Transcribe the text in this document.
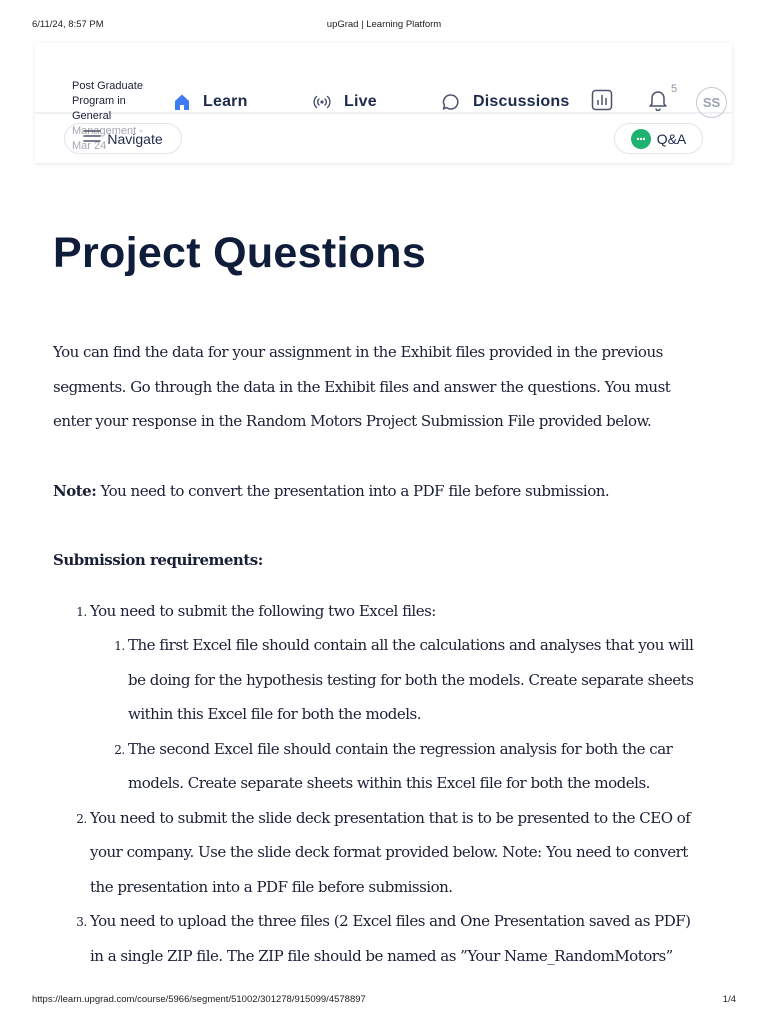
6/11/24, 8:57 PM	upGrad | Learning Platform
Post Graduate Program in General
Learn	Live	Discussions
5
SS
Navigate	Q&A
Project Questions

You can find the data for your assignment in the Exhibit files provided in the previous segments. Go through the data in the Exhibit files and answer the questions. You must enter your response in the Random Motors Project Submission File provided below.

Note: You need to convert the presentation into a PDF file before submission.

Submission requirements:

1. You need to submit the following two Excel files:
1. The first Excel file should contain all the calculations and analyses that you will be doing for the hypothesis testing for both the models. Create separate sheets within this Excel file for both the models.
2. The second Excel file should contain the regression analysis for both the car models. Create separate sheets within this Excel file for both the models.
2. You need to submit the slide deck presentation that is to be presented to the CEO of your company. Use the slide deck format provided below. Note: You need to convert the presentation into a PDF file before submission.
3. You need to upload the three files (2 Excel files and One Presentation saved as PDF) in a single ZIP file. The ZIP file should be named as ”Your Name_RandomMotors”
https://learn.upgrad.com/course/5966/segment/51002/301278/915099/4578897	1/4
